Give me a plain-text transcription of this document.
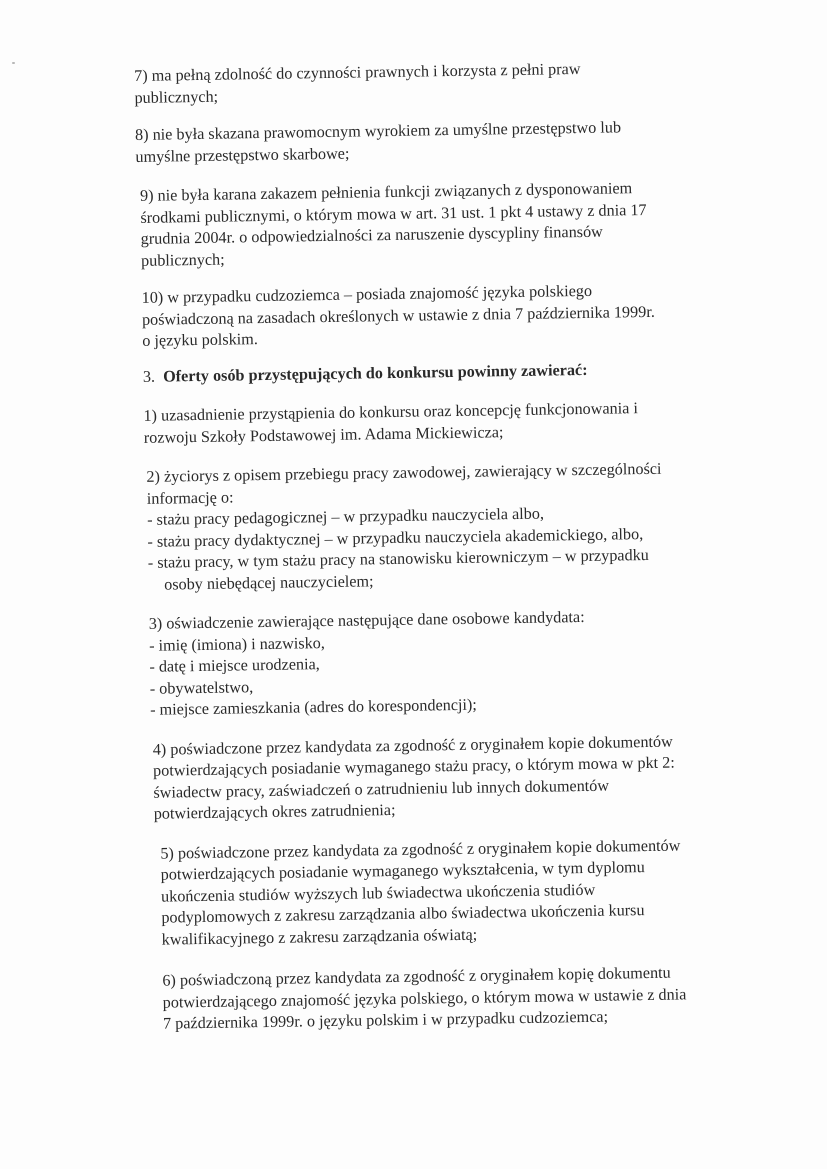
7) ma pełną zdolność do czynności prawnych i korzysta z pełni praw
publicznych;

8) nie była skazana prawomocnym wyrokiem za umyślne przestępstwo lub
umyślne przestępstwo skarbowe;

9) nie była karana zakazem pełnienia funkcji związanych z dysponowaniem
środkami publicznymi, o którym mowa w art. 31 ust. 1 pkt 4 ustawy z dnia 17
grudnia 2004r. o odpowiedzialności za naruszenie dyscypliny finansów
publicznych;

10) w przypadku cudzoziemca – posiada znajomość języka polskiego
poświadczoną na zasadach określonych w ustawie z dnia 7 października 1999r.
o języku polskim.

3. Oferty osób przystępujących do konkursu powinny zawierać:

1) uzasadnienie przystąpienia do konkursu oraz koncepcję funkcjonowania i
rozwoju Szkoły Podstawowej im. Adama Mickiewicza;

2) życiorys z opisem przebiegu pracy zawodowej, zawierający w szczególności
informację o:
- stażu pracy pedagogicznej – w przypadku nauczyciela albo,
- stażu pracy dydaktycznej – w przypadku nauczyciela akademickiego, albo,
- stażu pracy, w tym stażu pracy na stanowisku kierowniczym – w przypadku
osoby niebędącej nauczycielem;

3) oświadczenie zawierające następujące dane osobowe kandydata:
- imię (imiona) i nazwisko,
- datę i miejsce urodzenia,
- obywatelstwo,
- miejsce zamieszkania (adres do korespondencji);

4) poświadczone przez kandydata za zgodność z oryginałem kopie dokumentów
potwierdzających posiadanie wymaganego stażu pracy, o którym mowa w pkt 2:
świadectw pracy, zaświadczeń o zatrudnieniu lub innych dokumentów
potwierdzających okres zatrudnienia;

5) poświadczone przez kandydata za zgodność z oryginałem kopie dokumentów
potwierdzających posiadanie wymaganego wykształcenia, w tym dyplomu
ukończenia studiów wyższych lub świadectwa ukończenia studiów
podyplomowych z zakresu zarządzania albo świadectwa ukończenia kursu
kwalifikacyjnego z zakresu zarządzania oświatą;

6) poświadczoną przez kandydata za zgodność z oryginałem kopię dokumentu
potwierdzającego znajomość języka polskiego, o którym mowa w ustawie z dnia
7 października 1999r. o języku polskim i w przypadku cudzoziemca;
